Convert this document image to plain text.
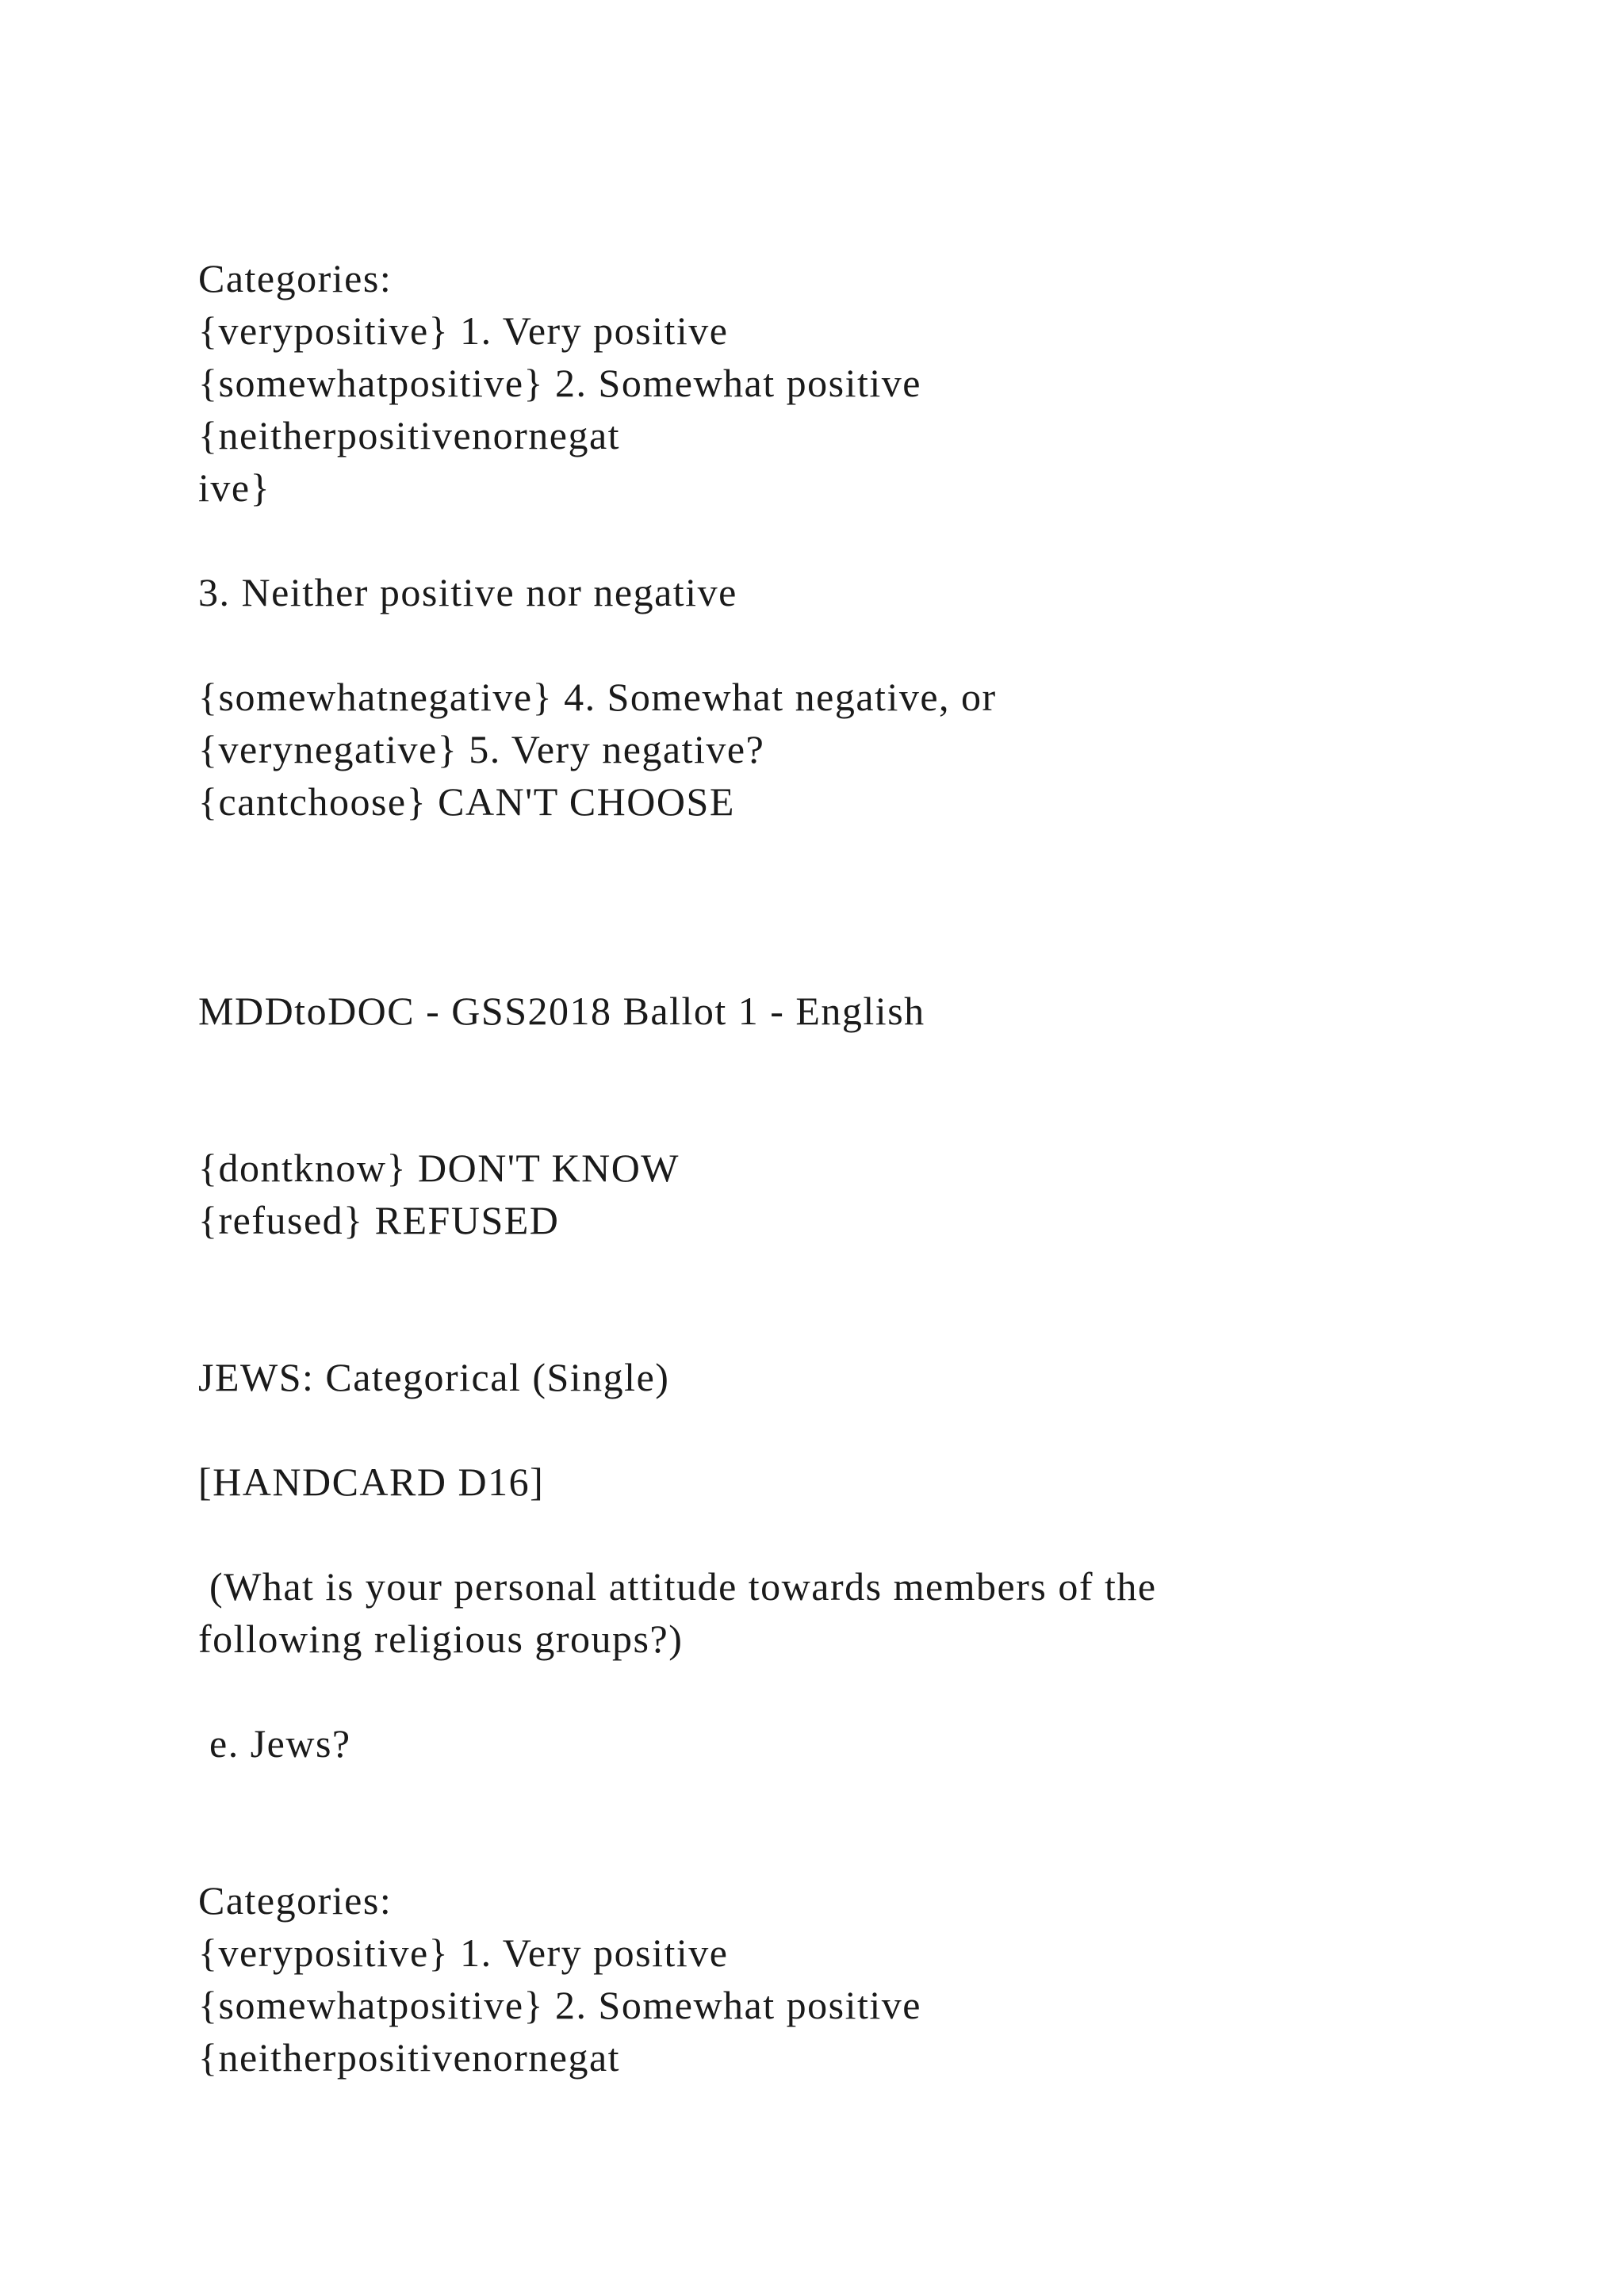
Categories:
{verypositive} 1. Very positive
{somewhatpositive} 2. Somewhat positive
{neitherpositivenornegat
ive}
3. Neither positive nor negative
{somewhatnegative} 4. Somewhat negative, or
{verynegative} 5. Very negative?
{cantchoose} CAN'T CHOOSE
MDDtoDOC - GSS2018 Ballot 1 - English
{dontknow} DON'T KNOW
{refused} REFUSED
JEWS: Categorical (Single)
[HANDCARD D16]
(What is your personal attitude towards members of the
following religious groups?)
e. Jews?
Categories:
{verypositive} 1. Very positive
{somewhatpositive} 2. Somewhat positive
{neitherpositivenornegat
